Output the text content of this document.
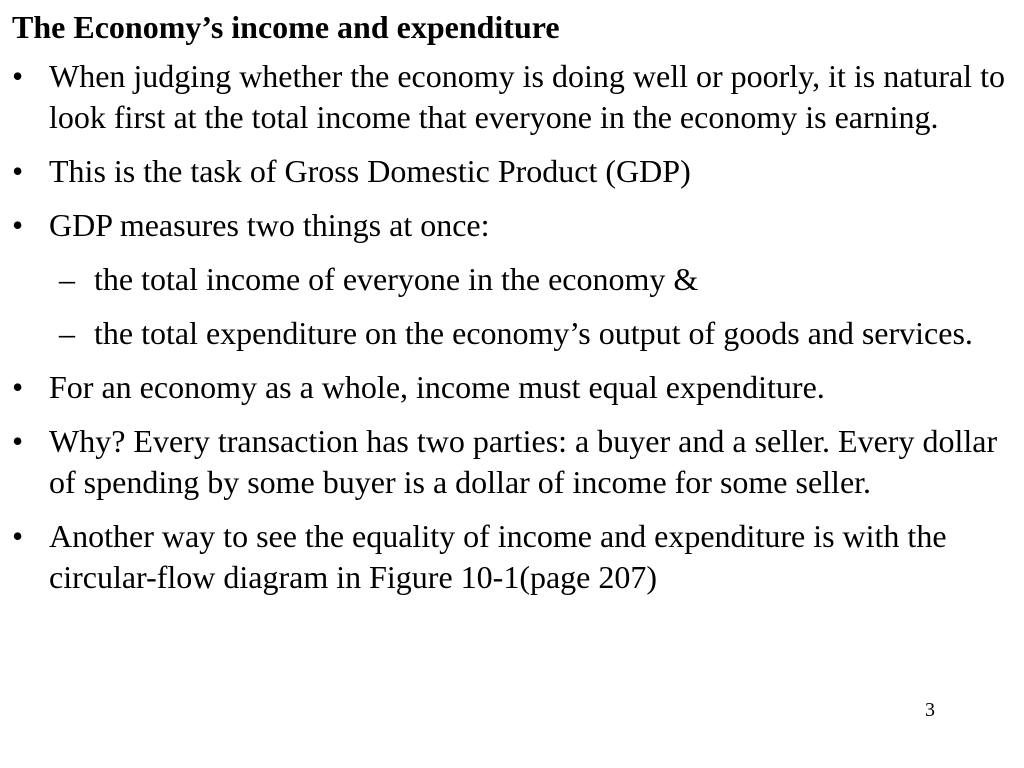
The Economy’s income and expenditure
• When judging whether the economy is doing well or poorly, it is natural to look first at the total income that everyone in the economy is earning.
• This is the task of Gross Domestic Product (GDP)
• GDP measures two things at once:
– the total income of everyone in the economy &
– the total expenditure on the economy’s output of goods and services.
• For an economy as a whole, income must equal expenditure.
• Why? Every transaction has two parties: a buyer and a seller. Every dollar of spending by some buyer is a dollar of income for some seller.
• Another way to see the equality of income and expenditure is with the circular-flow diagram in Figure 10-1(page 207)
3
